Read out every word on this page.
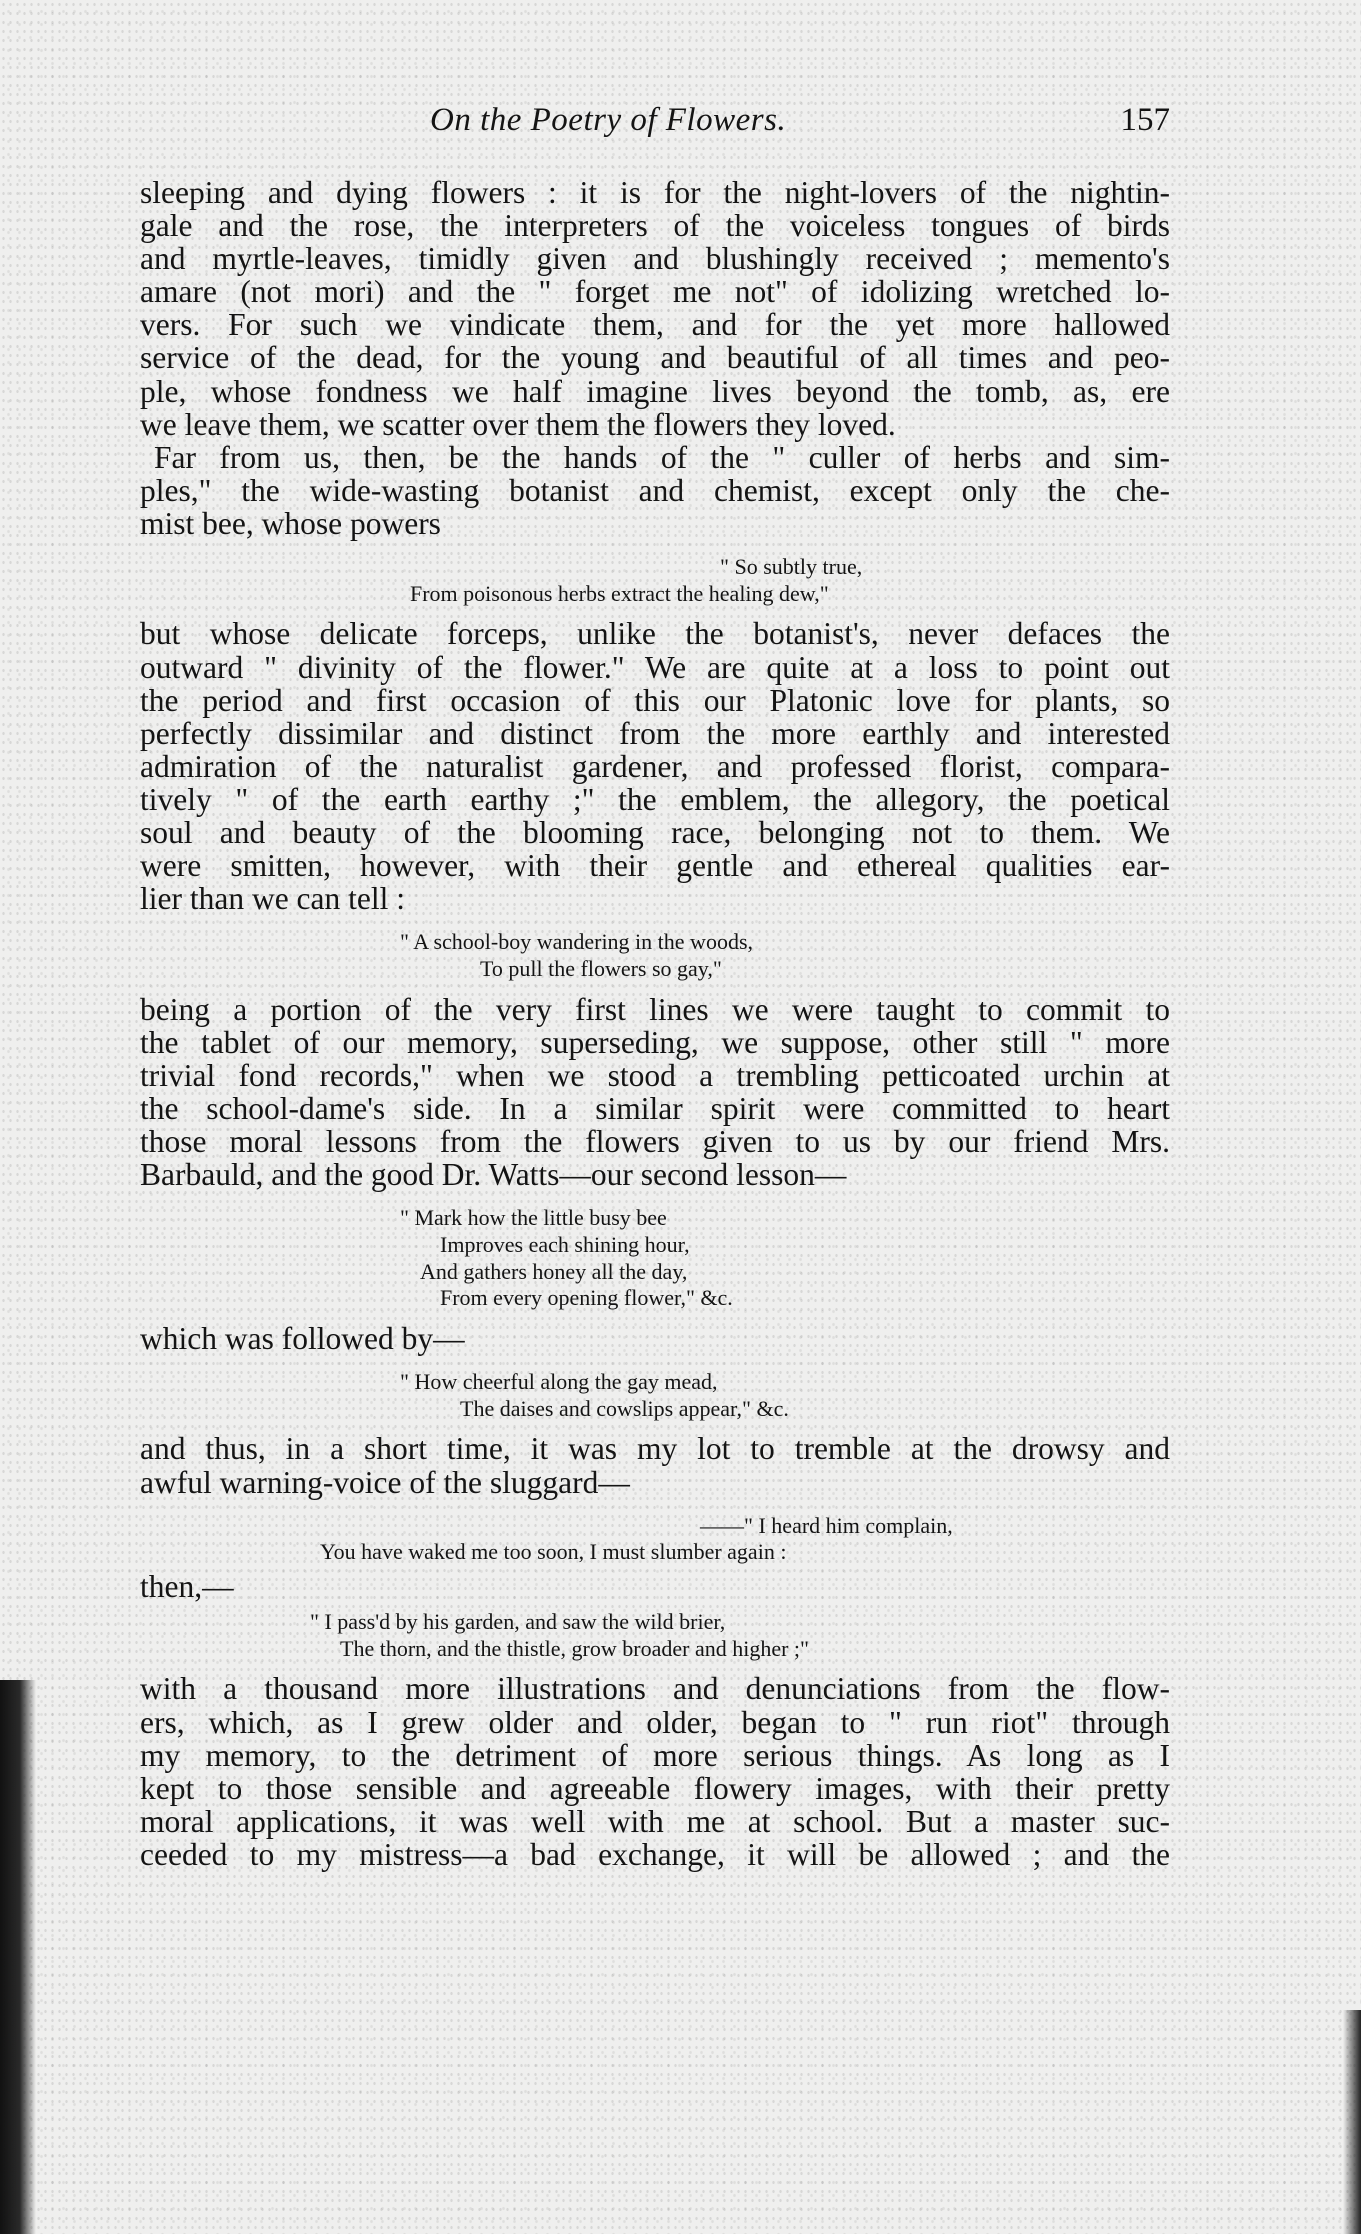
On the Poetry of Flowers.	157
sleeping and dying flowers : it is for the night-lovers of the nightin-
gale and the rose, the interpreters of the voiceless tongues of birds
and myrtle-leaves, timidly given and blushingly received ; memento's
amare (not mori) and the " forget me not" of idolizing wretched lo-
vers. For such we vindicate them, and for the yet more hallowed
service of the dead, for the young and beautiful of all times and peo-
ple, whose fondness we half imagine lives beyond the tomb, as, ere
we leave them, we scatter over them the flowers they loved.
Far from us, then, be the hands of the " culler of herbs and sim-
ples," the wide-wasting botanist and chemist, except only the che-
mist bee, whose powers
" So subtly true,
From poisonous herbs extract the healing dew,"
but whose delicate forceps, unlike the botanist's, never defaces the
outward " divinity of the flower." We are quite at a loss to point out
the period and first occasion of this our Platonic love for plants, so
perfectly dissimilar and distinct from the more earthly and interested
admiration of the naturalist gardener, and professed florist, compara-
tively " of the earth earthy ;" the emblem, the allegory, the poetical
soul and beauty of the blooming race, belonging not to them. We
were smitten, however, with their gentle and ethereal qualities ear-
lier than we can tell :
" A school-boy wandering in the woods,
To pull the flowers so gay,"
being a portion of the very first lines we were taught to commit to
the tablet of our memory, superseding, we suppose, other still " more
trivial fond records," when we stood a trembling petticoated urchin at
the school-dame's side. In a similar spirit were committed to heart
those moral lessons from the flowers given to us by our friend Mrs.
Barbauld, and the good Dr. Watts—our second lesson—
" Mark how the little busy bee
Improves each shining hour,
And gathers honey all the day,
From every opening flower," &c.
which was followed by—
" How cheerful along the gay mead,
The daises and cowslips appear," &c.
and thus, in a short time, it was my lot to tremble at the drowsy and
awful warning-voice of the sluggard—
——" I heard him complain,
You have waked me too soon, I must slumber again :
then,—
" I pass'd by his garden, and saw the wild brier,
The thorn, and the thistle, grow broader and higher ;"
with a thousand more illustrations and denunciations from the flow-
ers, which, as I grew older and older, began to " run riot" through
my memory, to the detriment of more serious things. As long as I
kept to those sensible and agreeable flowery images, with their pretty
moral applications, it was well with me at school. But a master suc-
ceeded to my mistress—a bad exchange, it will be allowed ; and the
